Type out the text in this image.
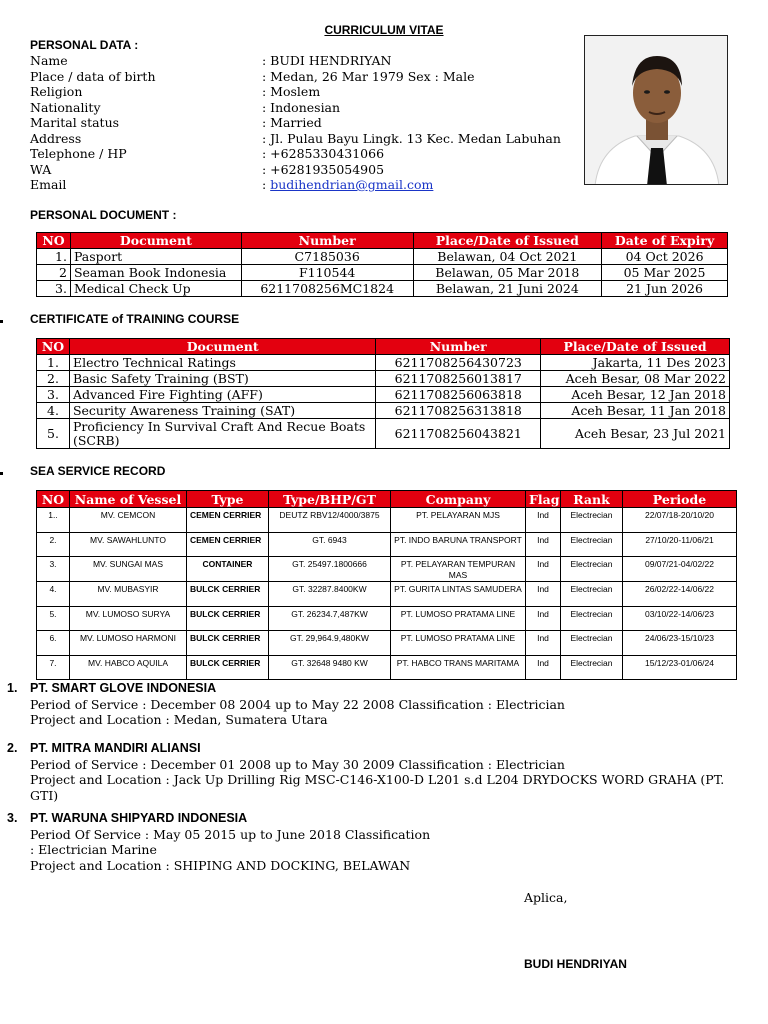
CURRICULUM VITAE
PERSONAL DATA :
Name	: BUDI HENDRIYAN
Place / data of birth	: Medan, 26 Mar 1979 Sex : Male
Religion	: Moslem
Nationality	: Indonesian
Marital status	: Married
Address	: Jl. Pulau Bayu Lingk. 13 Kec. Medan Labuhan
Telephone / HP	: +6285330431066
WA	: +6281935054905
Email	: budihendrian@gmail.com
PERSONAL DOCUMENT :
NO	Document	Number	Place/Date of Issued	Date of Expiry
1.	Pasport	C7185036	Belawan, 04 Oct 2021	04 Oct 2026
2	Seaman Book Indonesia	F110544	Belawan, 05 Mar 2018	05 Mar 2025
3.	Medical Check Up	6211708256MC1824	Belawan, 21 Juni 2024	21 Jun 2026
CERTIFICATE of TRAINING COURSE
NO	Document	Number	Place/Date of Issued
1.	Electro Technical Ratings	6211708256430723	Jakarta, 11 Des 2023
2.	Basic Safety Training (BST)	6211708256013817	Aceh Besar, 08 Mar 2022
3.	Advanced Fire Fighting (AFF)	6211708256063818	Aceh Besar, 12 Jan 2018
4.	Security Awareness Training (SAT)	6211708256313818	Aceh Besar, 11 Jan 2018
5.	Proficiency In Survival Craft And Recue Boats (SCRB)	6211708256043821	Aceh Besar, 23 Jul 2021
SEA SERVICE RECORD
NO	Name of Vessel	Type	Type/BHP/GT	Company	Flag	Rank	Periode
1..	MV. CEMCON	CEMEN CERRIER	DEUTZ RBV12/4000/3875	PT. PELAYARAN MJS	Ind	Electrecian	22/07/18-20/10/20
2.	MV. SAWAHLUNTO	CEMEN CERRIER	GT. 6943	PT. INDO BARUNA TRANSPORT	Ind	Electrecian	27/10/20-11/06/21
3.	MV. SUNGAI MAS	CONTAINER	GT. 25497.1800666	PT. PELAYARAN TEMPURAN MAS	Ind	Electrecian	09/07/21-04/02/22
4.	MV. MUBASYIR	BULCK CERRIER	GT. 32287.8400KW	PT. GURITA LINTAS SAMUDERA	Ind	Electrecian	26/02/22-14/06/22
5.	MV. LUMOSO SURYA	BULCK CERRIER	GT. 26234.7,487KW	PT. LUMOSO PRATAMA LINE	Ind	Electrecian	03/10/22-14/06/23
6.	MV. LUMOSO HARMONI	BULCK CERRIER	GT. 29,964.9,480KW	PT. LUMOSO PRATAMA LINE	Ind	Electrecian	24/06/23-15/10/23
7.	MV. HABCO AQUILA	BULCK CERRIER	GT. 32648 9480 KW	PT. HABCO TRANS MARITAMA	Ind	Electrecian	15/12/23-01/06/24
1. PT. SMART GLOVE INDONESIA
Period of Service : December 08 2004 up to May 22 2008 Classification : Electrician
Project and Location : Medan, Sumatera Utara
2. PT. MITRA MANDIRI ALIANSI
Period of Service : December 01 2008 up to May 30 2009 Classification : Electrician
Project and Location : Jack Up Drilling Rig MSC-C146-X100-D L201 s.d L204 DRYDOCKS WORD GRAHA (PT.
GTI)
3. PT. WARUNA SHIPYARD INDONESIA
Period Of Service : May 05 2015 up to June 2018 Classification
: Electrician Marine
Project and Location : SHIPING AND DOCKING, BELAWAN
Aplica,
BUDI HENDRIYAN
